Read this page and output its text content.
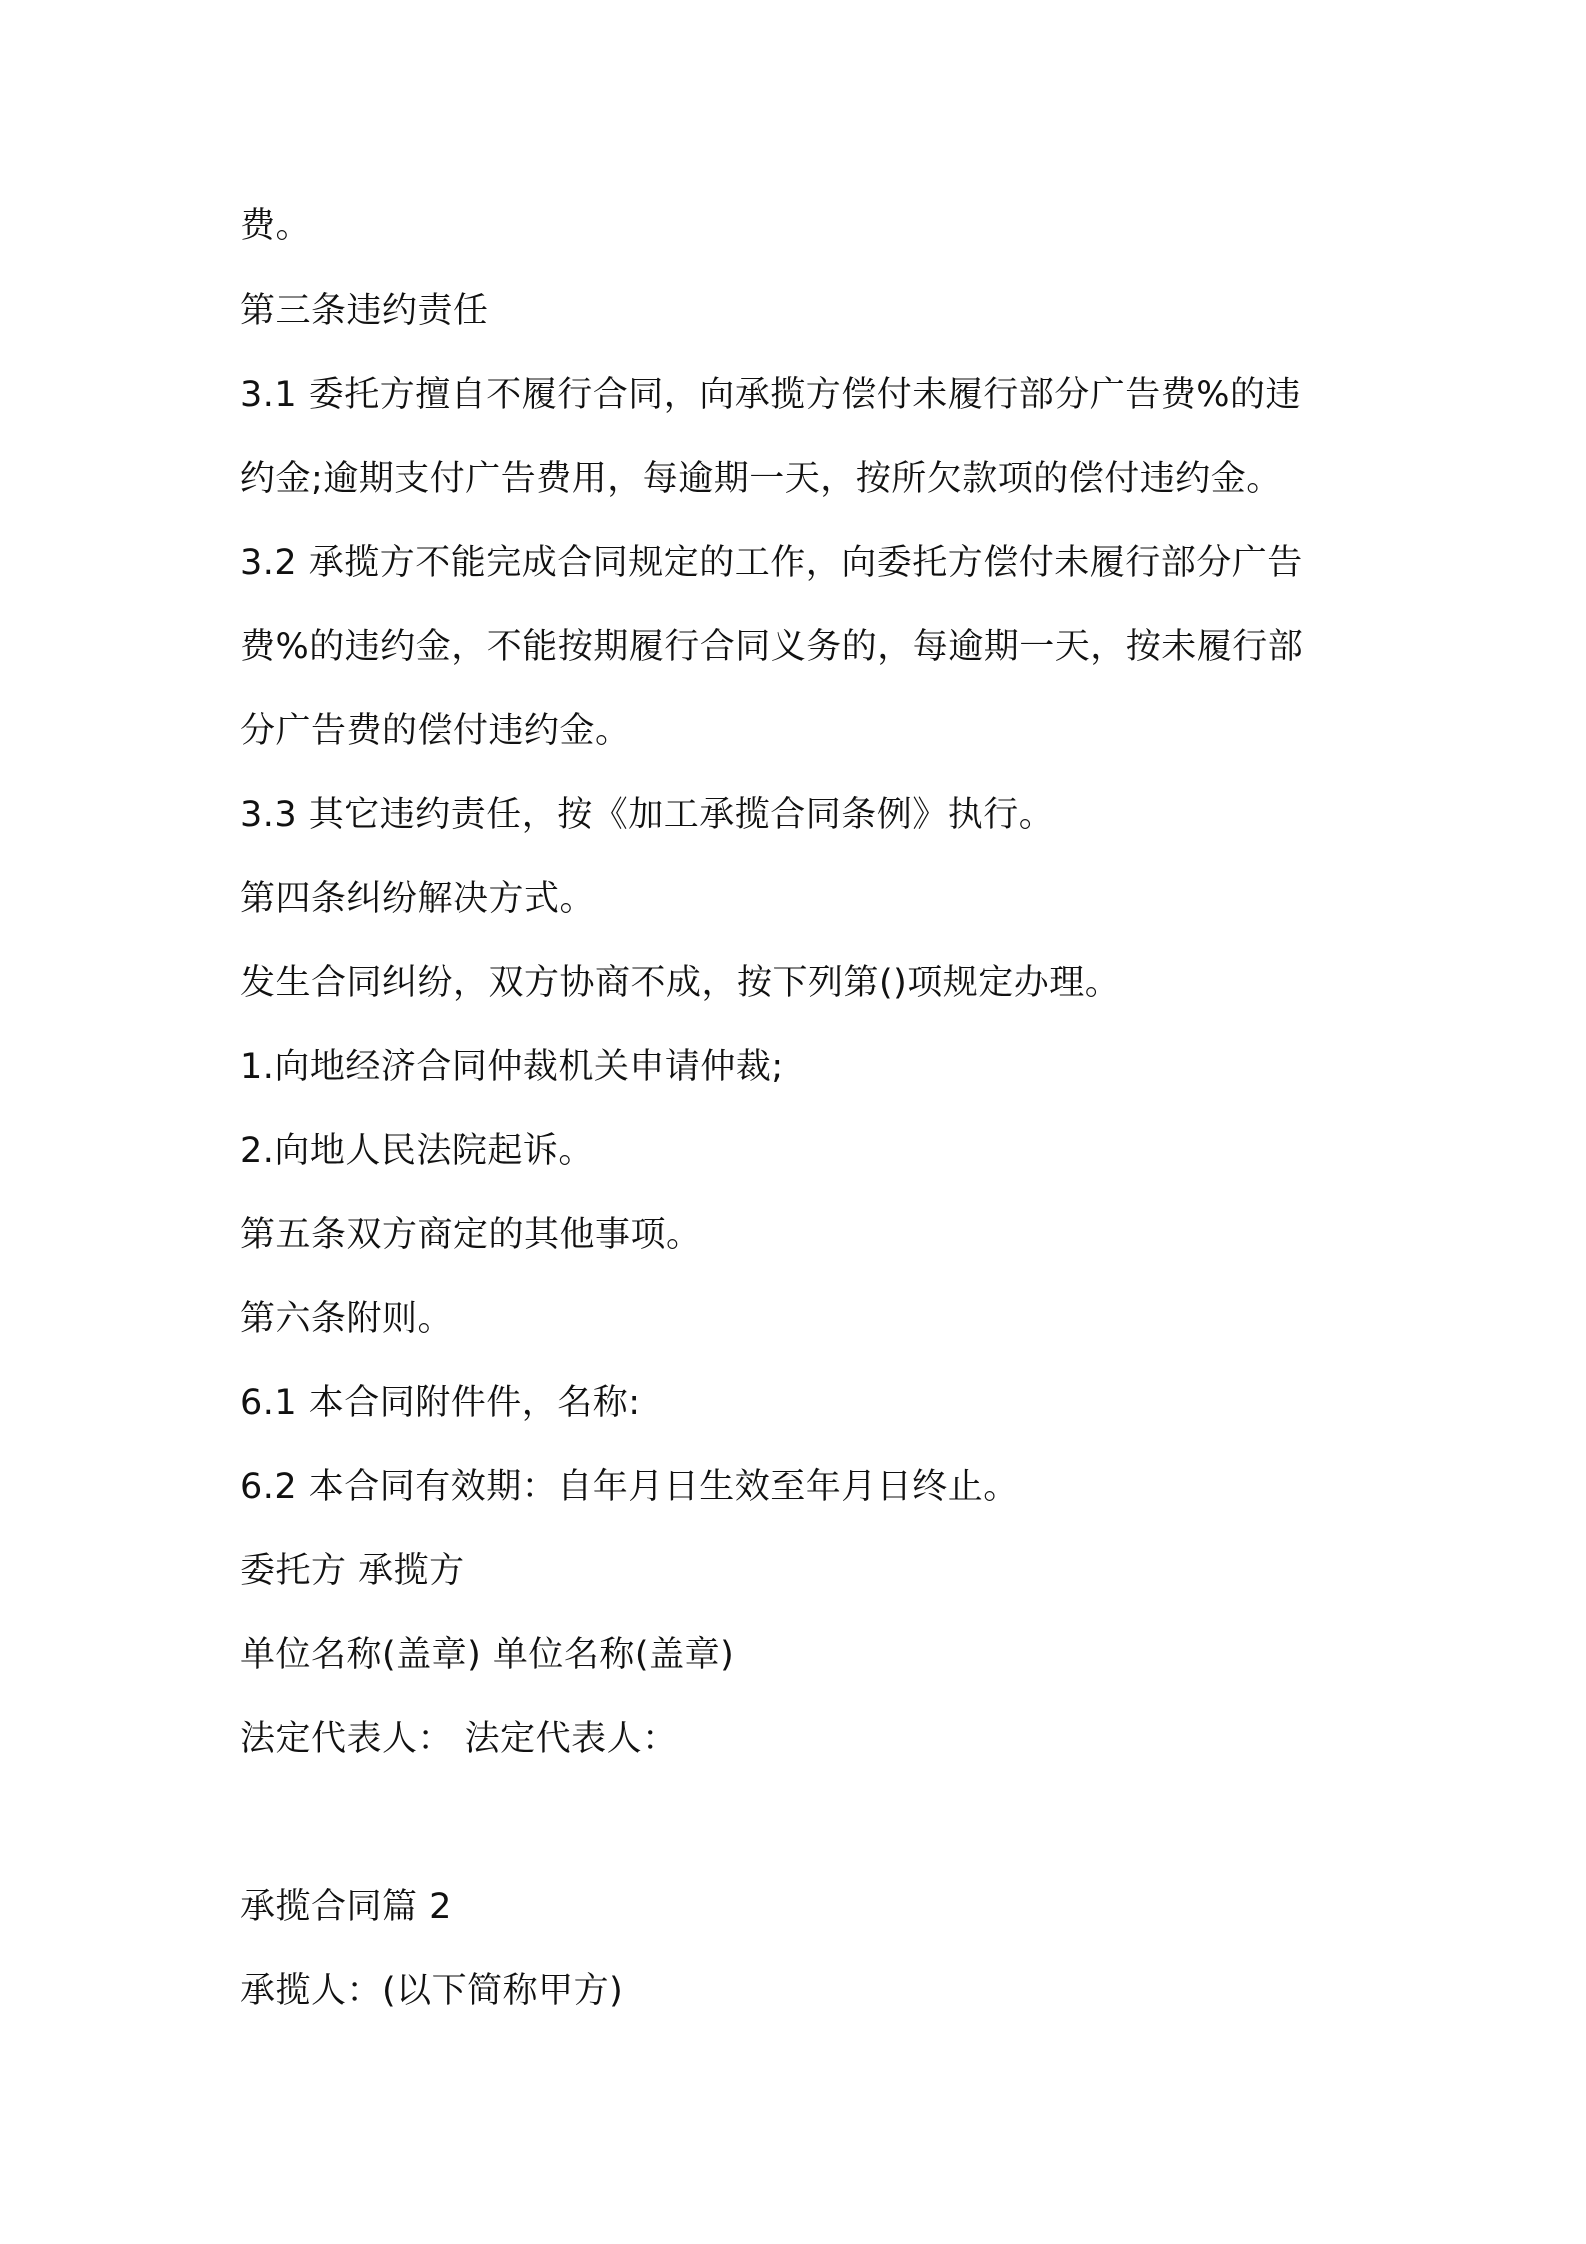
费。
第三条违约责任
3.1 委托方擅自不履行合同，向承揽方偿付未履行部分广告费%的违
约金;逾期支付广告费用，每逾期一天，按所欠款项的偿付违约金。
3.2 承揽方不能完成合同规定的工作，向委托方偿付未履行部分广告
费%的违约金，不能按期履行合同义务的，每逾期一天，按未履行部
分广告费的偿付违约金。
3.3 其它违约责任，按《加工承揽合同条例》执行。
第四条纠纷解决方式。
发生合同纠纷，双方协商不成，按下列第()项规定办理。
1.向地经济合同仲裁机关申请仲裁;
2.向地人民法院起诉。
第五条双方商定的其他事项。
第六条附则。
6.1 本合同附件件，名称:
6.2 本合同有效期：自年月日生效至年月日终止。
委托方 承揽方
单位名称(盖章) 单位名称(盖章)
法定代表人： 法定代表人：
承揽合同篇 2
承揽人：(以下简称甲方)
